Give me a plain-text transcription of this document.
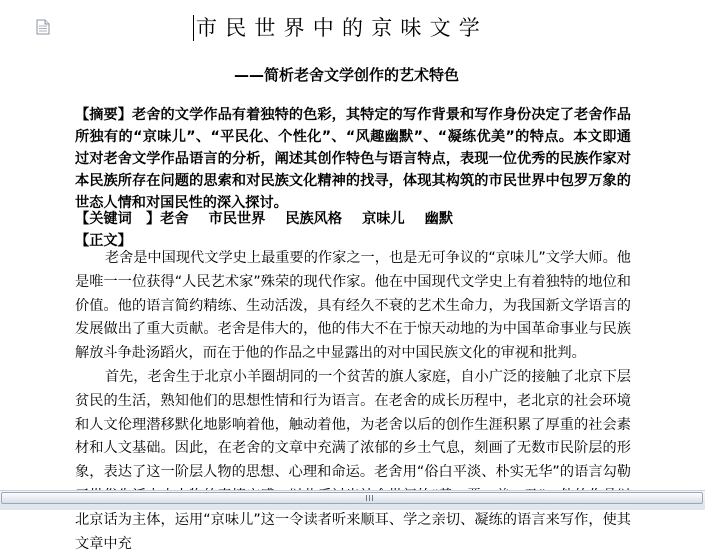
市民世界中的京味文学
——简析老舍文学创作的艺术特色
【摘要】老舍的文学作品有着独特的色彩，其特定的写作背景和写作身份决定了老舍作品所独有的“京味儿”、“平民化、个性化”、“风趣幽默”、“凝练优美”的特点。本文即通过对老舍文学作品语言的分析，阐述其创作特色与语言特点，表现一位优秀的民族作家对本民族所存在问题的思索和对民族文化精神的找寻，体现其构筑的市民世界中包罗万象的世态人情和对国民性的深入探讨。
【关键词　】老舍 市民世界 民族风格 京味儿 幽默
【正文】

老舍是中国现代文学史上最重要的作家之一，也是无可争议的“京味儿”文学大师。他是唯一一位获得“人民艺术家”殊荣的现代作家。他在中国现代文学史上有着独特的地位和价值。他的语言简约精练、生动活泼，具有经久不衰的艺术生命力，为我国新文学语言的发展做出了重大贡献。老舍是伟大的，他的伟大不在于惊天动地的为中国革命事业与民族解放斗争赴汤蹈火，而在于他的作品之中显露出的对中国民族文化的审视和批判。

首先，老舍生于北京小羊圈胡同的一个贫苦的旗人家庭，自小广泛的接触了北京下层贫民的生活，熟知他们的思想性情和行为语言。在老舍的成长历程中，老北京的社会环境和人文伦理潜移默化地影响着他，触动着他，为老舍以后的创作生涯积累了厚重的社会素材和人文基础。因此，在老舍的文章中充满了浓郁的乡土气息，刻画了无数市民阶层的形象，表达了这一阶层人物的思想、心理和命运。老舍用“俗白平淡、朴实无华”的语言勾勒 北京话为主体，运用“京味儿”这一令读者听来顺耳、学之亲切、凝练的语言来写作，使其文章中充
